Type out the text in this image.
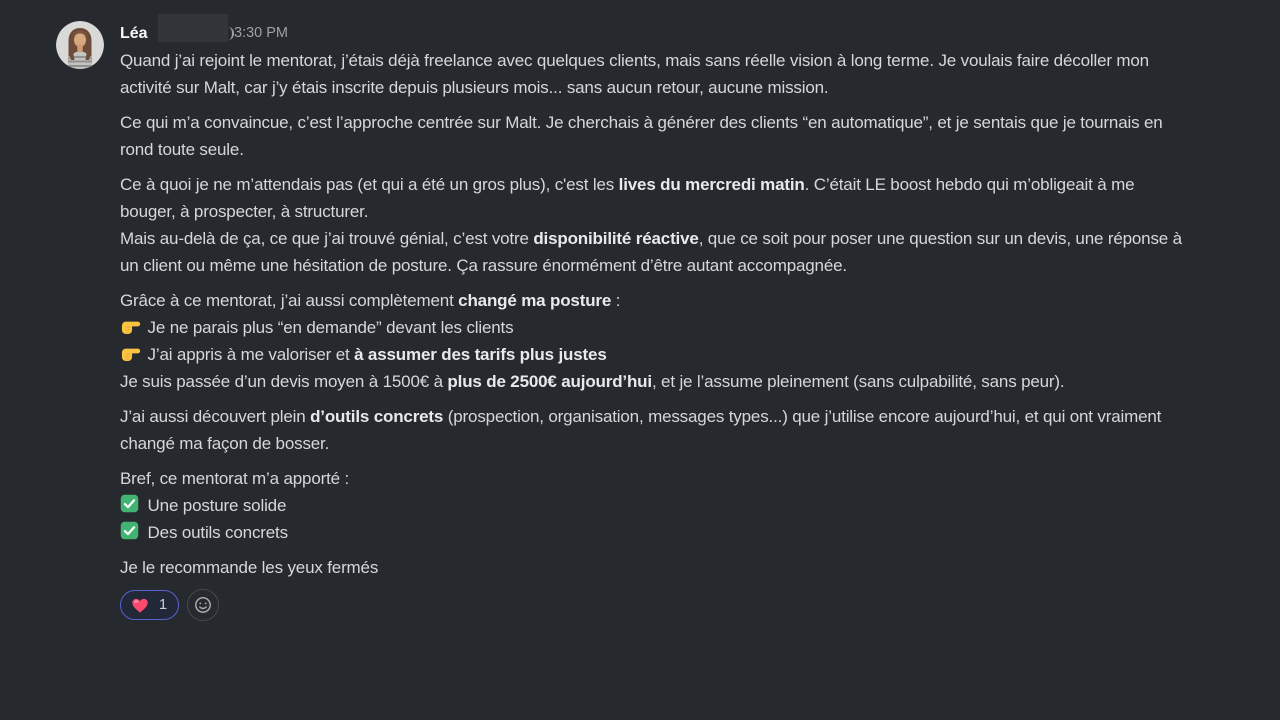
Léa	3:30 PM

Quand j’ai rejoint le mentorat, j’étais déjà freelance avec quelques clients, mais sans réelle vision à long terme. Je voulais faire décoller mon activité sur Malt, car j’y étais inscrite depuis plusieurs mois... sans aucun retour, aucune mission.

Ce qui m’a convaincue, c’est l’approche centrée sur Malt. Je cherchais à générer des clients “en automatique”, et je sentais que je tournais en rond toute seule.

Ce à quoi je ne m’attendais pas (et qui a été un gros plus), c'est les lives du mercredi matin. C’était LE boost hebdo qui m’obligeait à me bouger, à prospecter, à structurer.
Mais au-delà de ça, ce que j’ai trouvé génial, c’est votre disponibilité réactive, que ce soit pour poser une question sur un devis, une réponse à un client ou même une hésitation de posture. Ça rassure énormément d’être autant accompagnée.

Grâce à ce mentorat, j’ai aussi complètement changé ma posture :

Je ne parais plus “en demande” devant les clients

J’ai appris à me valoriser et à assumer des tarifs plus justes
Je suis passée d’un devis moyen à 1500€ à plus de 2500€ aujourd’hui, et je l’assume pleinement (sans culpabilité, sans peur).

J’ai aussi découvert plein d’outils concrets (prospection, organisation, messages types...) que j’utilise encore aujourd’hui, et qui ont vraiment changé ma façon de bosser.

Bref, ce mentorat m’a apporté :

Une posture solide

Des outils concrets

Je le recommande les yeux fermés

1
